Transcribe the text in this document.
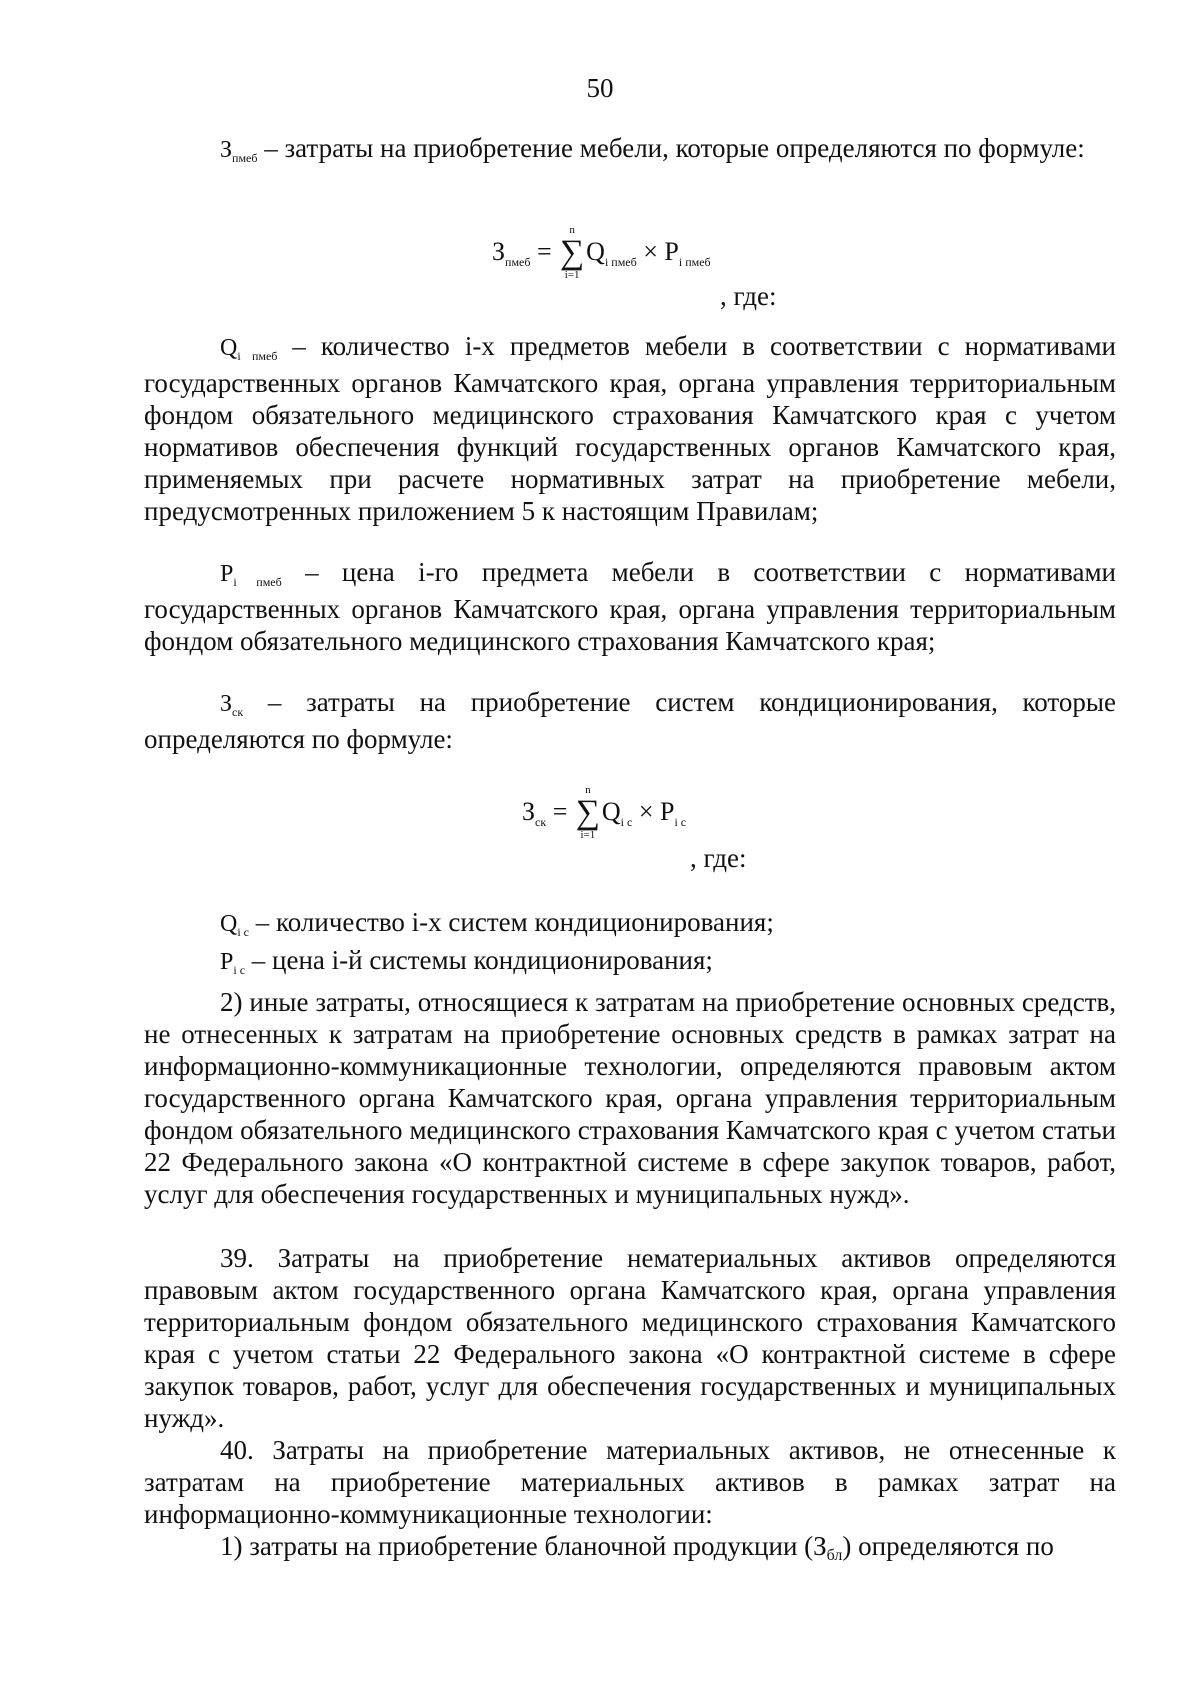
50

$З_{пмеб}$ – затраты на приобретение мебели, которые определяются по формуле:

$З_{пмеб}$ =
n
∑
i=1
$Q_{i пмеб} \times P_{i пмеб}$
, где:

$Q_{i пмеб}$ – количество i-х предметов мебели в соответствии с нормативами государственных органов Камчатского края, органа управления территориальным фондом обязательного медицинского страхования Камчатского края с учетом нормативов обеспечения функций государственных органов Камчатского края, применяемых при расчете нормативных затрат на приобретение мебели, предусмотренных приложением 5 к настоящим Правилам;

$P_{i пмеб}$ – цена i-го предмета мебели в соответствии с нормативами государственных органов Камчатского края, органа управления территориальным фондом обязательного медицинского страхования Камчатского края;

$З_{ск}$ – затраты на приобретение систем кондиционирования, которые определяются по формуле:

$З_{ск}$ =
n
∑
i=1
$Q_{i с} \times P_{i с}$
, где:

$Q_{i с}$ – количество i-х систем кондиционирования;

$P_{i с}$ – цена i-й системы кондиционирования;

2) иные затраты, относящиеся к затратам на приобретение основных средств, не отнесенных к затратам на приобретение основных средств в рамках затрат на информационно-коммуникационные технологии, определяются правовым актом государственного органа Камчатского края, органа управления территориальным фондом обязательного медицинского страхования Камчатского края с учетом статьи 22 Федерального закона «О контрактной системе в сфере закупок товаров, работ, услуг для обеспечения государственных и муниципальных нужд».

39. Затраты на приобретение нематериальных активов определяются правовым актом государственного органа Камчатского края, органа управления территориальным фондом обязательного медицинского страхования Камчатского края с учетом статьи 22 Федерального закона «О контрактной системе в сфере закупок товаров, работ, услуг для обеспечения государственных и муниципальных нужд».

40. Затраты на приобретение материальных активов, не отнесенные к затратам на приобретение материальных активов в рамках затрат на информационно-коммуникационные технологии:

1) затраты на приобретение бланочной продукции (Збл) определяются по
